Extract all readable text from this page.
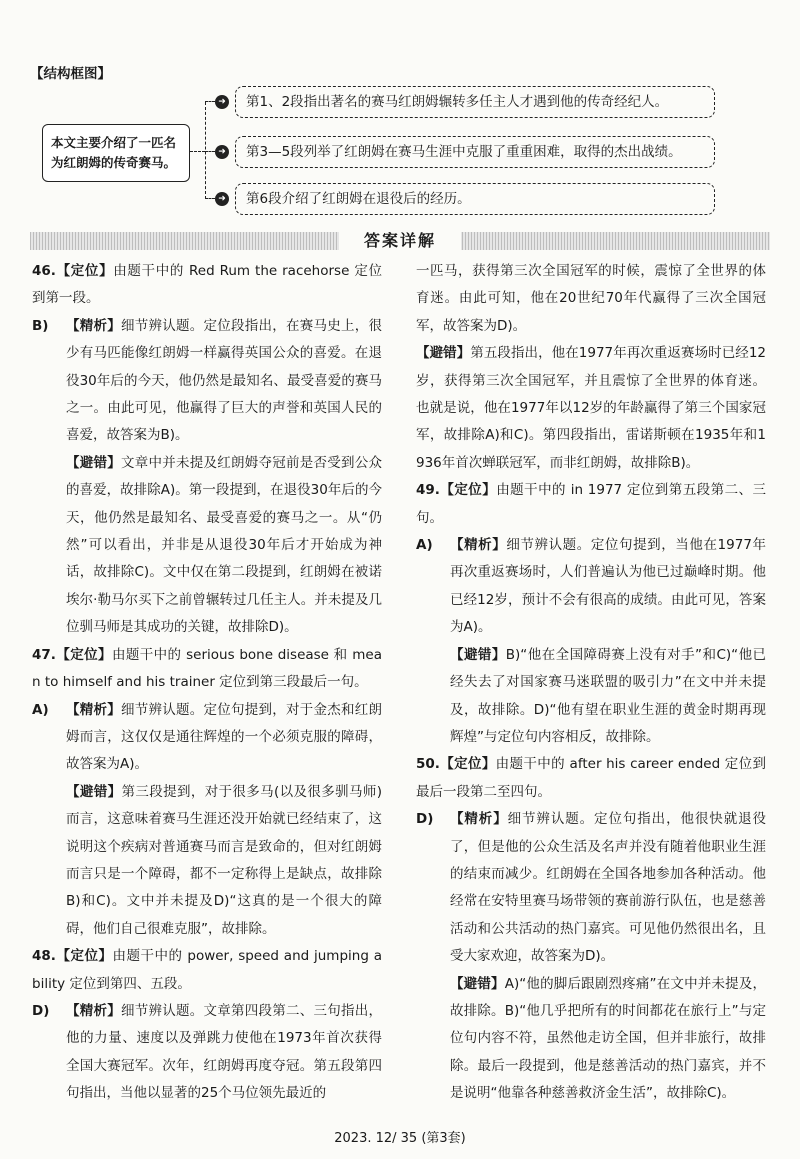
【结构框图】
本文主要介绍了一匹名为红朗姆的传奇赛马。
➜	第1、2段指出著名的赛马红朗姆辗转多任主人才遇到他的传奇经纪人。
➜	第3—5段列举了红朗姆在赛马生涯中克服了重重困难，取得的杰出战绩。
➜	第6段介绍了红朗姆在退役后的经历。
答案详解
46.【定位】由题干中的 Red Rum the racehorse 定位到第一段。
B)	【精析】细节辨认题。定位段指出，在赛马史上，很少有马匹能像红朗姆一样赢得英国公众的喜爱。在退役30年后的今天，他仍然是最知名、最受喜爱的赛马之一。由此可见，他赢得了巨大的声誉和英国人民的喜爱，故答案为B)。
【避错】文章中并未提及红朗姆夺冠前是否受到公众的喜爱，故排除A)。第一段提到，在退役30年后的今天，他仍然是最知名、最受喜爱的赛马之一。从“仍然”可以看出，并非是从退役30年后才开始成为神话，故排除C)。文中仅在第二段提到，红朗姆在被诺埃尔·勒马尔买下之前曾辗转过几任主人。并未提及几位驯马师是其成功的关键，故排除D)。
47.【定位】由题干中的 serious bone disease 和 mean to himself and his trainer 定位到第三段最后一句。
A)	【精析】细节辨认题。定位句提到，对于金杰和红朗姆而言，这仅仅是通往辉煌的一个必须克服的障碍，故答案为A)。
【避错】第三段提到，对于很多马(以及很多驯马师)而言，这意味着赛马生涯还没开始就已经结束了，这说明这个疾病对普通赛马而言是致命的，但对红朗姆而言只是一个障碍，都不一定称得上是缺点，故排除B)和C)。文中并未提及D)“这真的是一个很大的障碍，他们自己很难克服”，故排除。
48.【定位】由题干中的 power, speed and jumping ability 定位到第四、五段。
D)	【精析】细节辨认题。文章第四段第二、三句指出，他的力量、速度以及弹跳力使他在1973年首次获得全国大赛冠军。次年，红朗姆再度夺冠。第五段第四句指出，当他以显著的25个马位领先最近的
一匹马，获得第三次全国冠军的时候，震惊了全世界的体育迷。由此可知，他在20世纪70年代赢得了三次全国冠军，故答案为D)。
【避错】第五段指出，他在1977年再次重返赛场时已经12岁，获得第三次全国冠军，并且震惊了全世界的体育迷。也就是说，他在1977年以12岁的年龄赢得了第三个国家冠军，故排除A)和C)。第四段指出，雷诺斯顿在1935年和1936年首次蝉联冠军，而非红朗姆，故排除B)。
49.【定位】由题干中的 in 1977 定位到第五段第二、三句。
A)	【精析】细节辨认题。定位句提到，当他在1977年再次重返赛场时，人们普遍认为他已过巅峰时期。他已经12岁，预计不会有很高的成绩。由此可见，答案为A)。
【避错】B)“他在全国障碍赛上没有对手”和C)“他已经失去了对国家赛马迷联盟的吸引力”在文中并未提及，故排除。D)“他有望在职业生涯的黄金时期再现辉煌”与定位句内容相反，故排除。
50.【定位】由题干中的 after his career ended 定位到最后一段第二至四句。
D)	【精析】细节辨认题。定位句指出，他很快就退役了，但是他的公众生活及名声并没有随着他职业生涯的结束而减少。红朗姆在全国各地参加各种活动。他经常在安特里赛马场带领的赛前游行队伍，也是慈善活动和公共活动的热门嘉宾。可见他仍然很出名，且受大家欢迎，故答案为D)。
【避错】A)“他的脚后跟剧烈疼痛”在文中并未提及，故排除。B)“他几乎把所有的时间都花在旅行上”与定位句内容不符，虽然他走访全国，但并非旅行，故排除。最后一段提到，他是慈善活动的热门嘉宾，并不是说明“他靠各种慈善救济金生活”，故排除C)。
2023. 12/ 35 (第3套)
